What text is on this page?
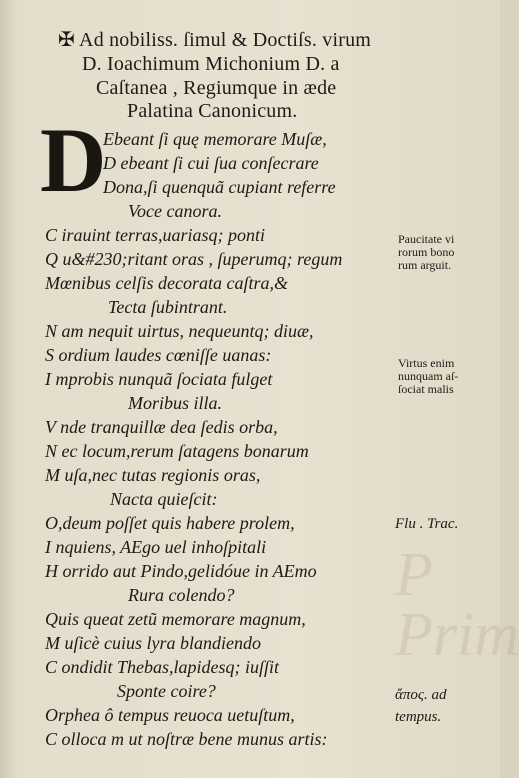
P
Prim
✠ Ad nobiliss. ſimul & Doctiſs. virum
D. Ioachimum Michonium D. a
Caſtanea , Regiumque in æde
Palatina Canonicum.
D
Ebeant ſi quę memorare Muſæ,
D ebeant ſi cui ſua conſecrare
Dona,ſi quenquã cupiant referre
Voce canora.
C irauint terras,uariasq; ponti
Q u&#230;ritant oras , ſuperumq; regum
Mœnibus celſis decorata caſtra,&
Tecta ſubintrant.
N am nequit uirtus, nequeuntq; diuæ,
S ordium laudes cœniſſe uanas:
I mprobis nunquã ſociata fulget
Moribus illa.
V nde tranquillæ dea ſedis orba,
N ec locum,rerum ſatagens bonarum
M uſa,nec tutas regionis oras,
Nacta quieſcit:
O,deum poſſet quis habere prolem,
I nquiens, AEgo uel inhoſpitali
H orrido aut Pindo,gelidóue in AEmo
Rura colendo?
Quis queat zetũ memorare magnum,
M uſicè cuius lyra blandiendo
C ondidit Thebas,lapidesq; iuſſit
Sponte coire?
Orphea ô tempus reuoca uetuſtum,
C olloca m ut noſtræ bene munus artis:
Paucitate vi
rorum bono
rum arguit.
Virtus enim
nunquam aſ-
ſociat malis
Flu . Trac.
ἄπος. ad
tempus.
